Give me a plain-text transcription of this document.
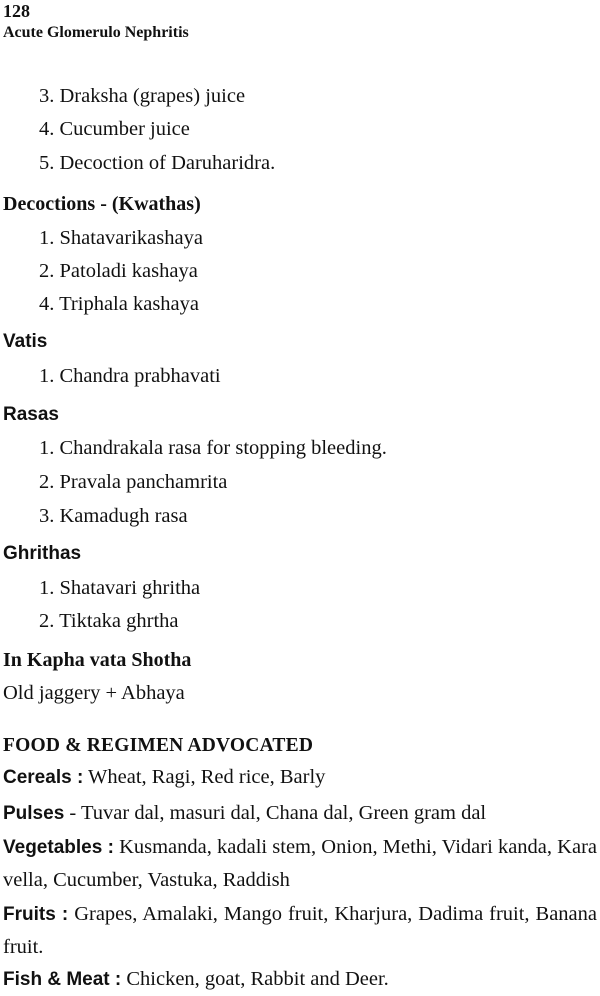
128
Acute Glomerulo Nephritis
3. Draksha (grapes) juice
4. Cucumber juice
5. Decoction of Daruharidra.
Decoctions - (Kwathas)
1. Shatavarikashaya
2. Patoladi kashaya
4. Triphala kashaya
Vatis
1. Chandra prabhavati
Rasas
1. Chandrakala rasa for stopping bleeding.
2. Pravala panchamrita
3. Kamadugh rasa
Ghrithas
1. Shatavari ghritha
2. Tiktaka ghrtha
In Kapha vata Shotha
Old jaggery + Abhaya
FOOD & REGIMEN ADVOCATED
Cereals : Wheat, Ragi, Red rice, Barly
Pulses - Tuvar dal, masuri dal, Chana dal, Green gram dal
Vegetables : Kusmanda, kadali stem, Onion, Methi, Vidari kanda, Kara vella, Cucumber, Vastuka, Raddish
Fruits : Grapes, Amalaki, Mango fruit, Kharjura, Dadima fruit, Banana fruit.
Fish & Meat : Chicken, goat, Rabbit and Deer.
